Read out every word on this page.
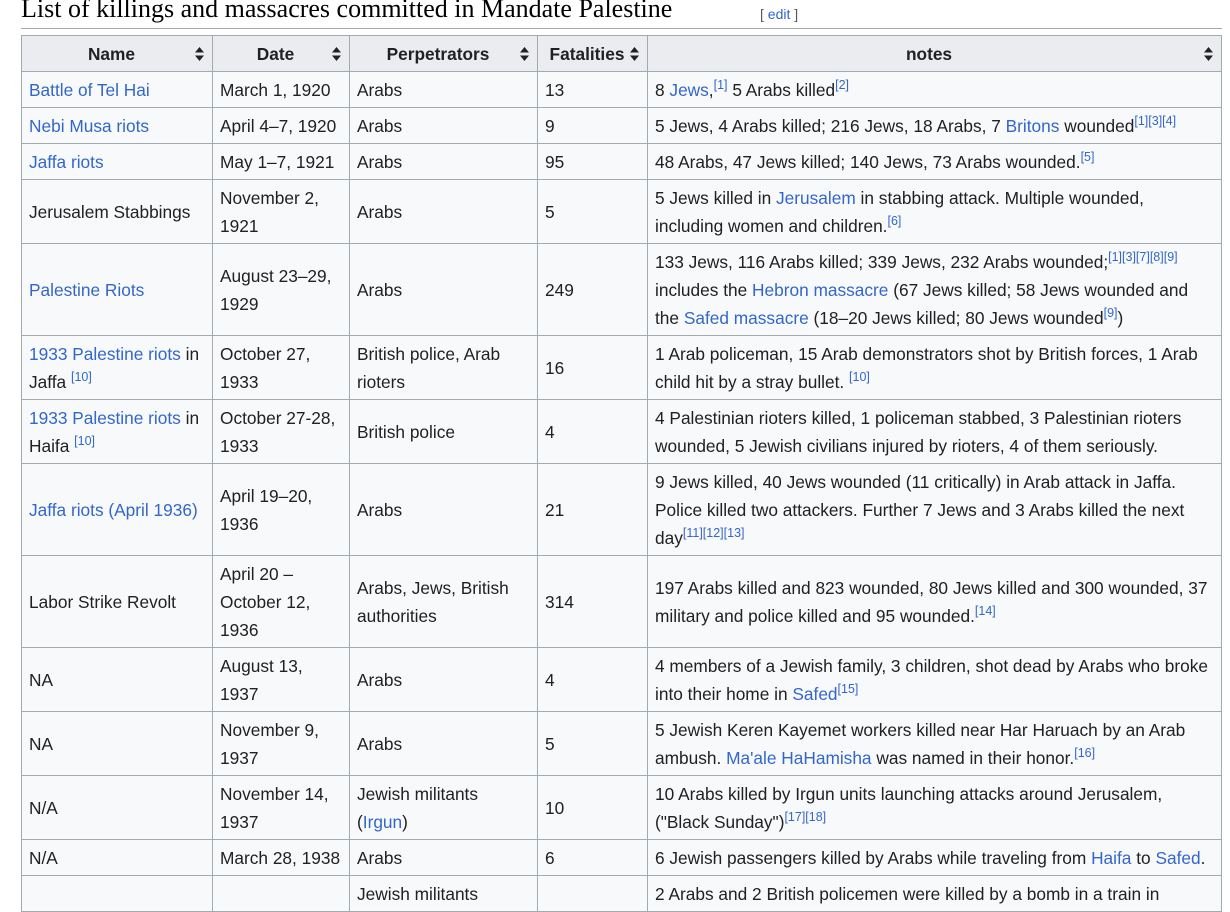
List of killings and massacres committed in Mandate Palestine	[ edit ]
Name	Date	Perpetrators	Fatalities	notes

Battle of Tel Hai	March 1, 1920	Arabs	13	8 Jews,[1] 5 Arabs killed[2]
Nebi Musa riots	April 4–7, 1920	Arabs	9	5 Jews, 4 Arabs killed; 216 Jews, 18 Arabs, 7 Britons wounded[1][3][4]
Jaffa riots	May 1–7, 1921	Arabs	95	48 Arabs, 47 Jews killed; 140 Jews, 73 Arabs wounded.[5]
Jerusalem Stabbings	November 2, 1921	Arabs	5	5 Jews killed in Jerusalem in stabbing attack. Multiple wounded, including women and children.[6]
Palestine Riots	August 23–29, 1929	Arabs	249	133 Jews, 116 Arabs killed; 339 Jews, 232 Arabs wounded;[1][3][7][8][9] includes the Hebron massacre (67 Jews killed; 58 Jews wounded and the Safed massacre (18–20 Jews killed; 80 Jews wounded[9])
1933 Palestine riots in Jaffa [10]	October 27, 1933	British police, Arab rioters	16	1 Arab policeman, 15 Arab demonstrators shot by British forces, 1 Arab child hit by a stray bullet. [10]
1933 Palestine riots in Haifa [10]	October 27-28, 1933	British police	4	4 Palestinian rioters killed, 1 policeman stabbed, 3 Palestinian rioters wounded, 5 Jewish civilians injured by rioters, 4 of them seriously.
Jaffa riots (April 1936)	April 19–20, 1936	Arabs	21	9 Jews killed, 40 Jews wounded (11 critically) in Arab attack in Jaffa. Police killed two attackers. Further 7 Jews and 3 Arabs killed the next day[11][12][13]
Labor Strike Revolt	April 20 – October 12, 1936	Arabs, Jews, British authorities	314	197 Arabs killed and 823 wounded, 80 Jews killed and 300 wounded, 37 military and police killed and 95 wounded.[14]
NA	August 13, 1937	Arabs	4	4 members of a Jewish family, 3 children, shot dead by Arabs who broke into their home in Safed[15]
NA	November 9, 1937	Arabs	5	5 Jewish Keren Kayemet workers killed near Har Haruach by an Arab ambush. Ma'ale HaHamisha was named in their honor.[16]
N/A	November 14, 1937	Jewish militants (Irgun)	10	10 Arabs killed by Irgun units launching attacks around Jerusalem, ("Black Sunday")[17][18]
N/A	March 28, 1938	Arabs	6	6 Jewish passengers killed by Arabs while traveling from Haifa to Safed.
		Jewish militants		2 Arabs and 2 British policemen were killed by a bomb in a train in
